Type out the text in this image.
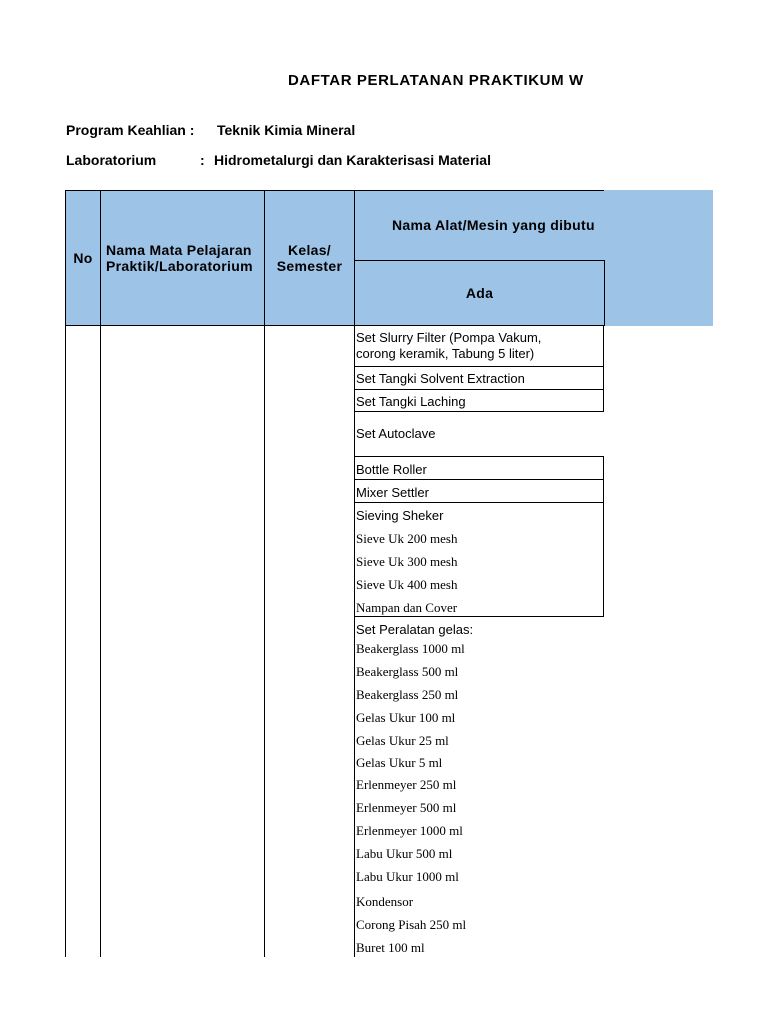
DAFTAR PERLATANAN PRAKTIKUM W
Program Keahlian : Teknik Kimia Mineral
Laboratorium	: Hidrometalurgi dan Karakterisasi Material
No Nama Mata Pelajaran
Praktik/Laboratorium
Kelas/
Semester
Nama Alat/Mesin yang dibutu
Ada
Set Slurry Filter (Pompa Vakum,
corong keramik, Tabung 5 liter)
Set Tangki Solvent Extraction
Set Tangki Laching
Set Autoclave
Bottle Roller
Mixer Settler
Sieving Sheker
Sieve Uk 200 mesh
Sieve Uk 300 mesh
Sieve Uk 400 mesh
Nampan dan Cover
Set Peralatan gelas:
Beakerglass 1000 ml
Beakerglass 500 ml
Beakerglass 250 ml
Gelas Ukur 100 ml
Gelas Ukur 25 ml
Gelas Ukur 5 ml
Erlenmeyer 250 ml
Erlenmeyer 500 ml
Erlenmeyer 1000 ml
Labu Ukur 500 ml
Labu Ukur 1000 ml
Kondensor
Corong Pisah 250 ml
Buret 100 ml
